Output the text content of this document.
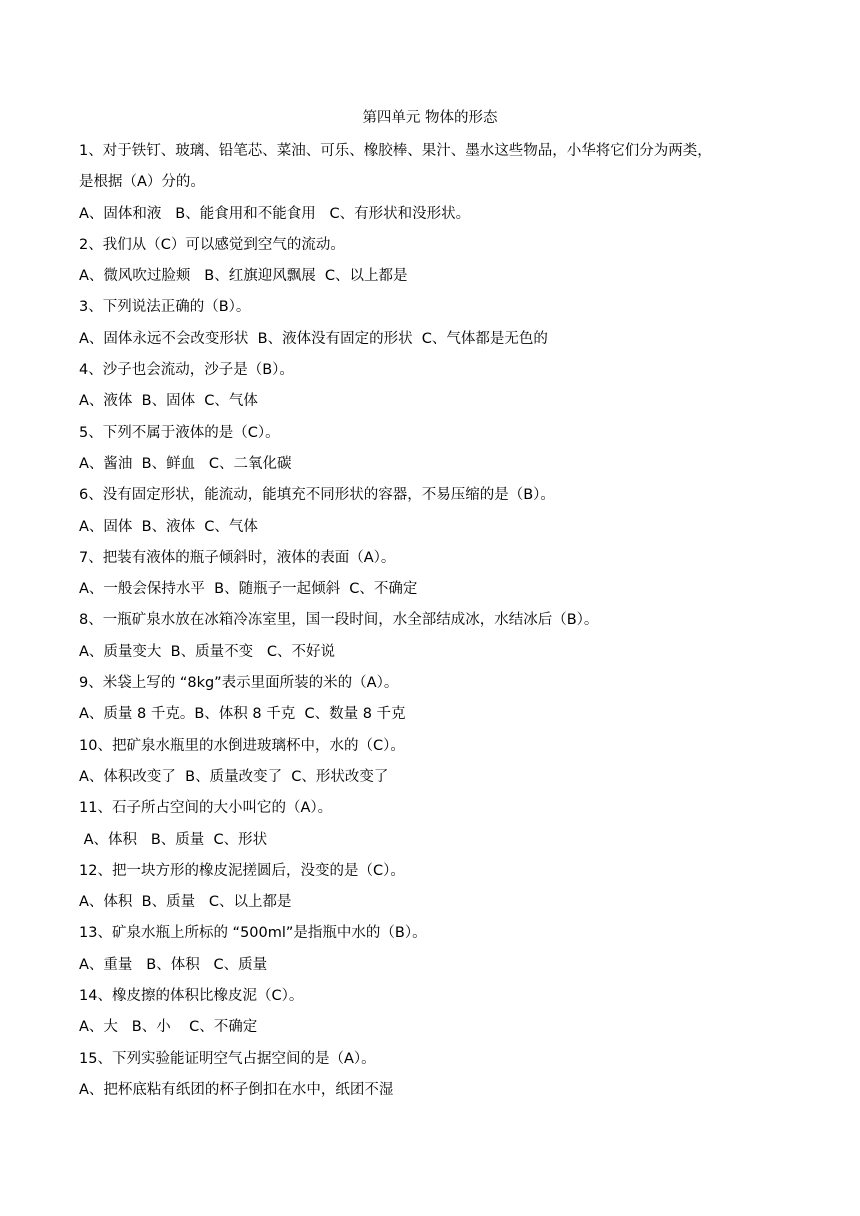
第四单元 物体的形态
1、对于铁钉、玻璃、铅笔芯、菜油、可乐、橡胶棒、果汁、墨水这些物品，小华将它们分为两类，
是根据（A）分的。
A、固体和液   B、能食用和不能食用   C、有形状和没形状。
2、我们从（C）可以感觉到空气的流动。
A、微风吹过脸颊   B、红旗迎风飘展  C、以上都是
3、下列说法正确的（B）。
A、固体永远不会改变形状  B、液体没有固定的形状  C、气体都是无色的
4、沙子也会流动，沙子是（B）。
A、液体  B、固体  C、气体
5、下列不属于液体的是（C）。
A、酱油  B、鲜血   C、二氧化碳
6、没有固定形状，能流动，能填充不同形状的容器，不易压缩的是（B）。
A、固体  B、液体  C、气体
7、把装有液体的瓶子倾斜时，液体的表面（A）。
A、一般会保持水平  B、随瓶子一起倾斜  C、不确定
8、一瓶矿泉水放在冰箱冷冻室里，国一段时间，水全部结成冰，水结冰后（B）。
A、质量变大  B、质量不变   C、不好说
9、米袋上写的 “8kg”表示里面所装的米的（A）。
A、质量 8 千克。B、体积 8 千克  C、数量 8 千克
10、把矿泉水瓶里的水倒进玻璃杯中，水的（C）。
A、体积改变了  B、质量改变了  C、形状改变了
11、石子所占空间的大小叫它的（A）。
A、体积   B、质量  C、形状
12、把一块方形的橡皮泥搓圆后，没变的是（C）。
A、体积  B、质量   C、以上都是
13、矿泉水瓶上所标的 “500ml”是指瓶中水的（B）。
A、重量   B、体积   C、质量
14、橡皮擦的体积比橡皮泥（C）。
A、大   B、小    C、不确定
15、下列实验能证明空气占据空间的是（A）。
A、把杯底粘有纸团的杯子倒扣在水中，纸团不湿
